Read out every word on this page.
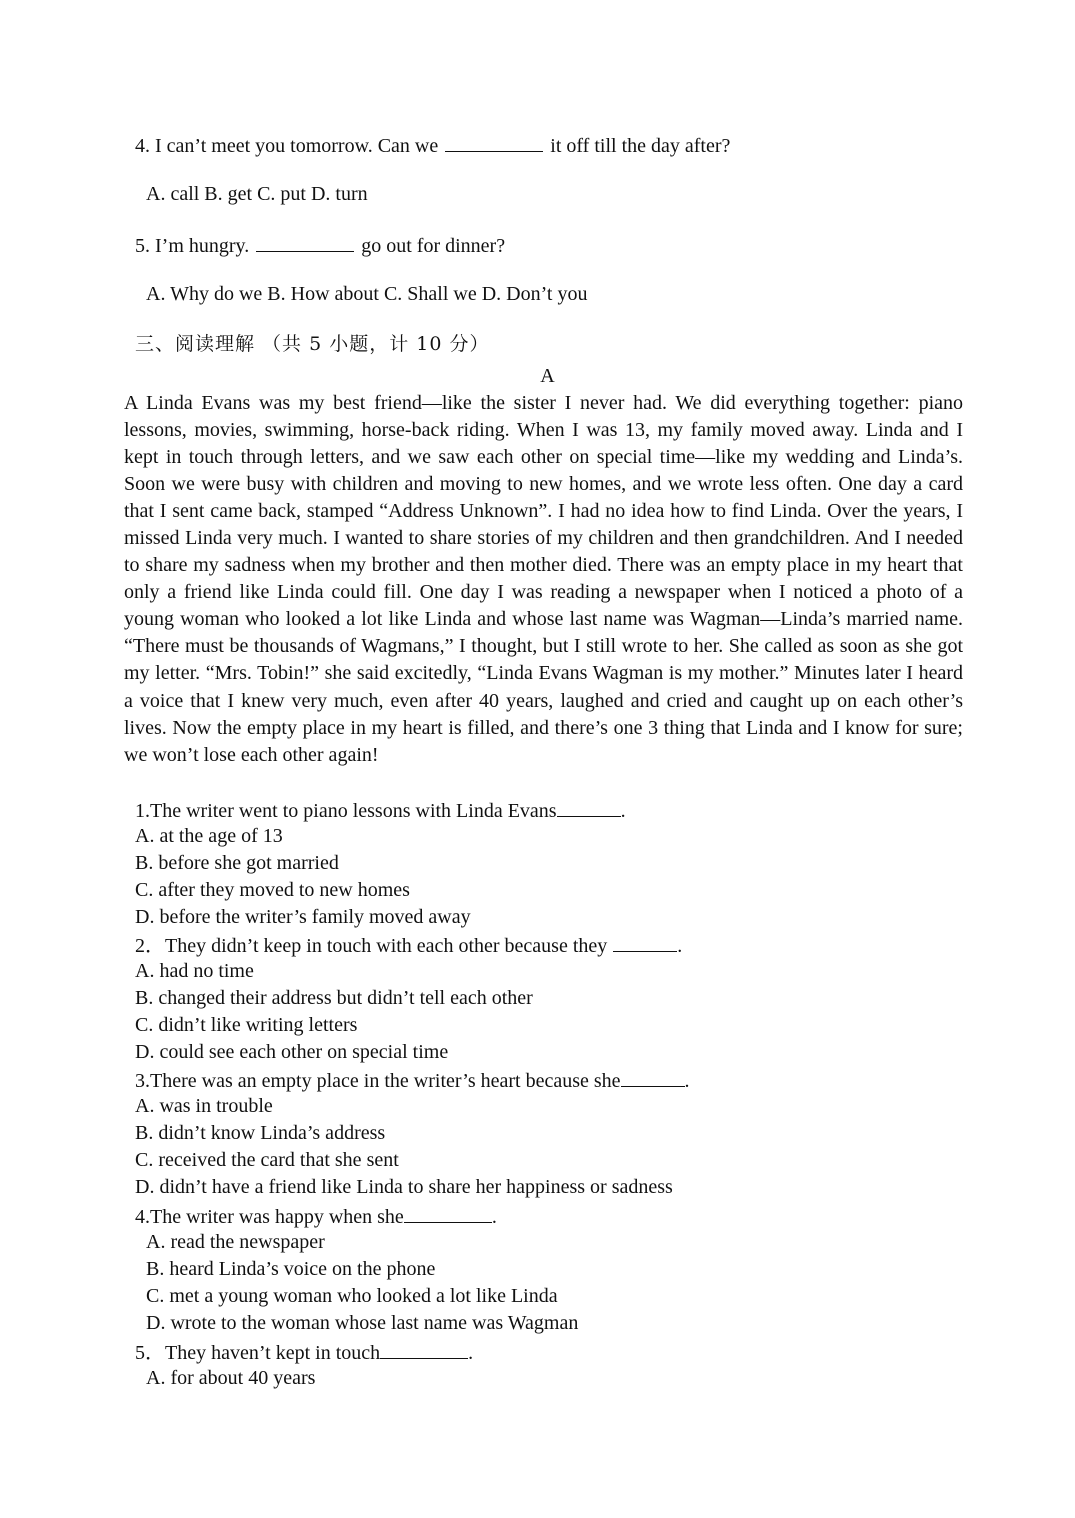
4. I can’t meet you tomorrow. Can we	it off till the day after?
A. call B. get C. put D. turn
5. I’m hungry.	go out for dinner?
A. Why do we B. How about C. Shall we D. Don’t you
三、阅读理解 （共 5 小题，计 10 分）
A
A Linda Evans was my best friend—like the sister I never had. We did everything together: piano lessons, movies, swimming, horse-back riding. When I was 13, my family moved away. Linda and I kept in touch through letters, and we saw each other on special time—like my wedding and Linda’s. Soon we were busy with children and moving to new homes, and we wrote less often. One day a card that I sent came back, stamped “Address Unknown”. I had no idea how to find Linda. Over the years, I missed Linda very much. I wanted to share stories of my children and then grandchildren. And I needed to share my sadness when my brother and then mother died. There was an empty place in my heart that only a friend like Linda could fill. One day I was reading a newspaper when I noticed a photo of a young woman who looked a lot like Linda and whose last name was Wagman—Linda’s married name. “There must be thousands of Wagmans,” I thought, but I still wrote to her. She called as soon as she got my letter. “Mrs. Tobin!” she said excitedly, “Linda Evans Wagman is my mother.” Minutes later I heard a voice that I knew very much, even after 40 years, laughed and cried and caught up on each other’s lives. Now the empty place in my heart is filled, and there’s one 3 thing that Linda and I know for sure; we won’t lose each other again!
1.The writer went to piano lessons with Linda Evans	.
A. at the age of 13
B. before she got married
C. after they moved to new homes
D. before the writer’s family moved away
2．They didn’t keep in touch with each other because they	.
A. had no time
B. changed their address but didn’t tell each other
C. didn’t like writing letters
D. could see each other on special time
3.There was an empty place in the writer’s heart because she	.
A. was in trouble
B. didn’t know Linda’s address
C. received the card that she sent
D. didn’t have a friend like Linda to share her happiness or sadness
4.The writer was happy when she	.
A. read the newspaper
B. heard Linda’s voice on the phone
C. met a young woman who looked a lot like Linda
D. wrote to the woman whose last name was Wagman
5．They haven’t kept in touch	.
A. for about 40 years
